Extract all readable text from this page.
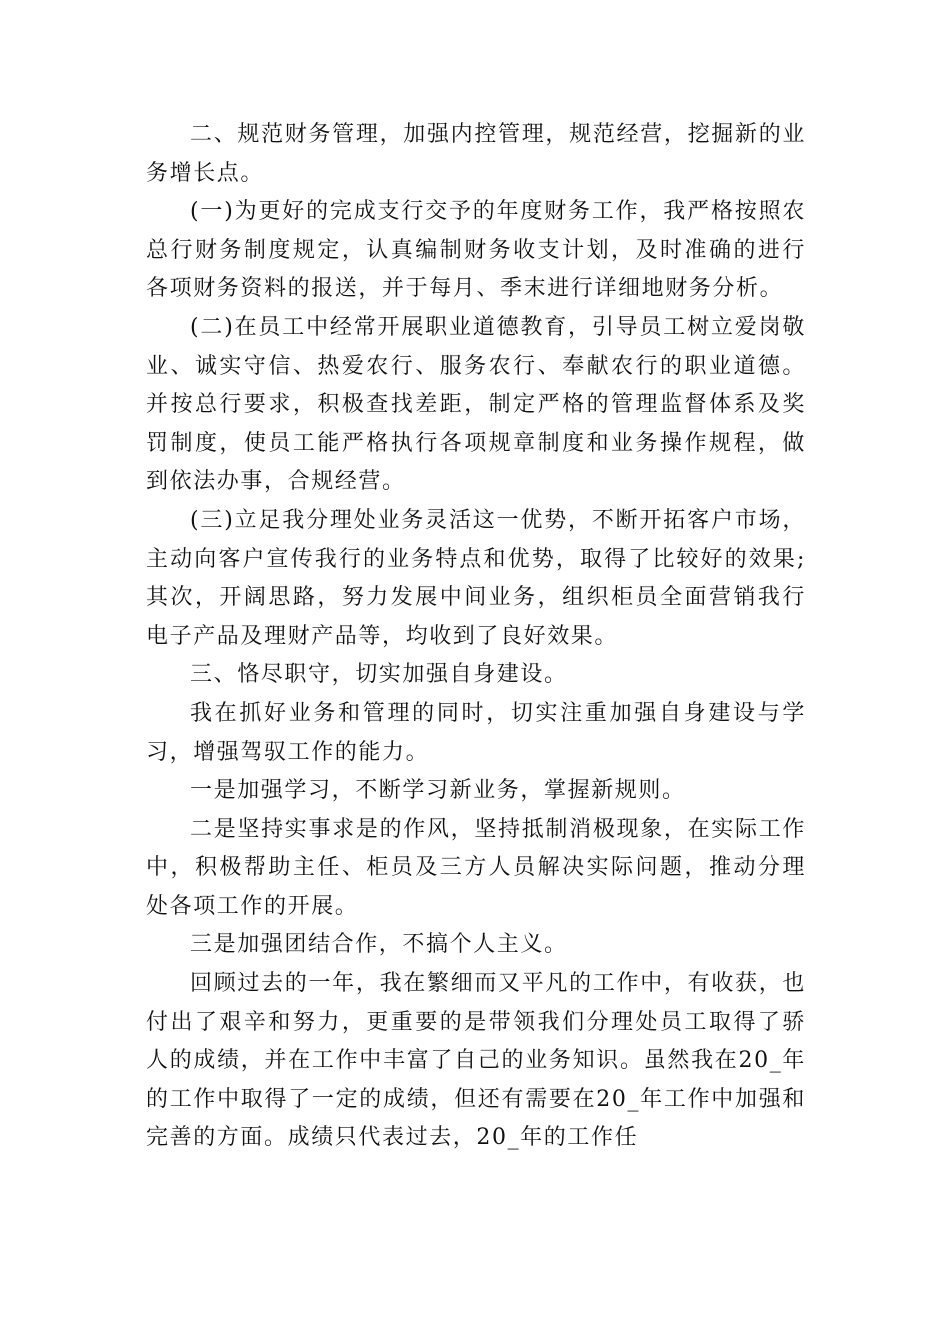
二、规范财务管理，加强内控管理，规范经营，挖掘新的业务增长点。

(一)为更好的完成支行交予的年度财务工作，我严格按照农总行财务制度规定，认真编制财务收支计划，及时准确的进行各项财务资料的报送，并于每月、季末进行详细地财务分析。

(二)在员工中经常开展职业道德教育，引导员工树立爱岗敬业、诚实守信、热爱农行、服务农行、奉献农行的职业道德。并按总行要求，积极查找差距，制定严格的管理监督体系及奖罚制度，使员工能严格执行各项规章制度和业务操作规程，做到依法办事，合规经营。

(三)立足我分理处业务灵活这一优势，不断开拓客户市场，主动向客户宣传我行的业务特点和优势，取得了比较好的效果;其次，开阔思路，努力发展中间业务，组织柜员全面营销我行电子产品及理财产品等，均收到了良好效果。

三、恪尽职守，切实加强自身建设。

我在抓好业务和管理的同时，切实注重加强自身建设与学习，增强驾驭工作的能力。

一是加强学习，不断学习新业务，掌握新规则。

二是坚持实事求是的作风，坚持抵制消极现象，在实际工作中，积极帮助主任、柜员及三方人员解决实际问题，推动分理处各项工作的开展。

三是加强团结合作，不搞个人主义。

回顾过去的一年，我在繁细而又平凡的工作中，有收获，也付出了艰辛和努力，更重要的是带领我们分理处员工取得了骄人的成绩，并在工作中丰富了自己的业务知识。虽然我在20_年的工作中取得了一定的成绩，但还有需要在20_年工作中加强和完善的方面。成绩只代表过去，20_年的工作任
